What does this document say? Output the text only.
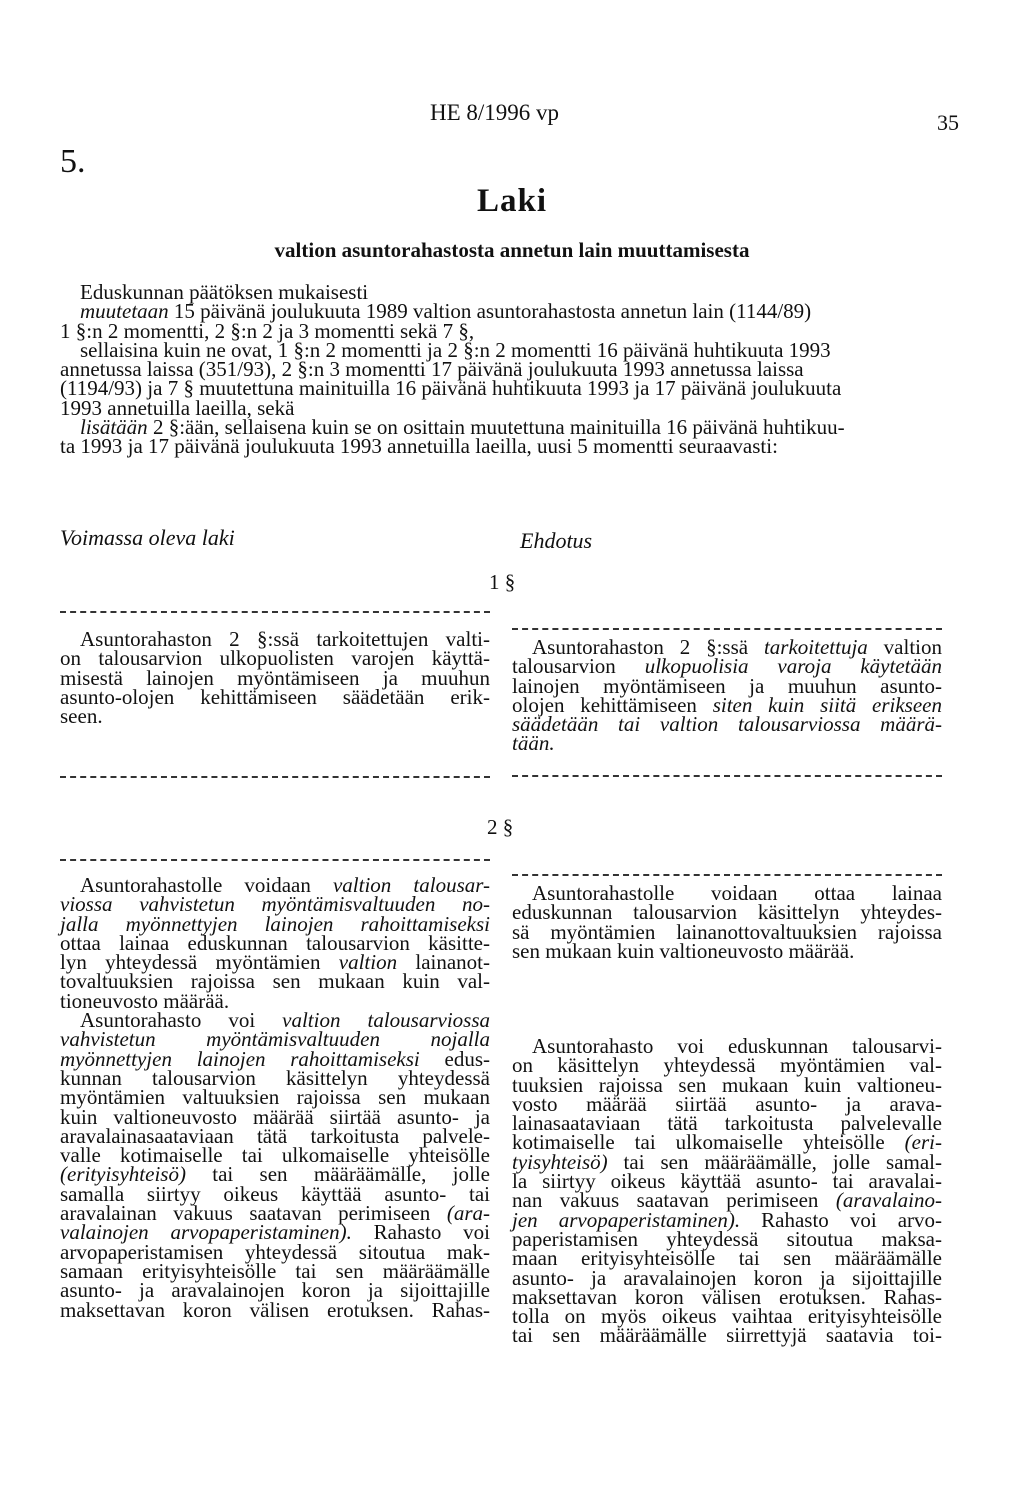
HE 8/1996 vp	35
5.
Laki
valtion asuntorahastosta annetun lain muuttamisesta
Eduskunnan päätöksen mukaisesti
muutetaan 15 päivänä joulukuuta 1989 valtion asuntorahastosta annetun lain (1144/89)
1 §:n 2 momentti, 2 §:n 2 ja 3 momentti sekä 7 §,
sellaisina kuin ne ovat, 1 §:n 2 momentti ja 2 §:n 2 momentti 16 päivänä huhtikuuta 1993
annetussa laissa (351/93), 2 §:n 3 momentti 17 päivänä joulukuuta 1993 annetussa laissa
(1194/93) ja 7 § muutettuna mainituilla 16 päivänä huhtikuuta 1993 ja 17 päivänä joulukuuta
1993 annetuilla laeilla, sekä
lisätään 2 §:ään, sellaisena kuin se on osittain muutettuna mainituilla 16 päivänä huhtikuu-
ta 1993 ja 17 päivänä joulukuuta 1993 annetuilla laeilla, uusi 5 momentti seuraavasti:
Voimassa oleva laki	Ehdotus
1 §
Asuntorahaston 2 §:ssä tarkoitettujen valti-
on talousarvion ulkopuolisten varojen käyttä-
misestä lainojen myöntämiseen ja muuhun
asunto-olojen kehittämiseen säädetään erik-
seen.
Asuntorahaston 2 §:ssä tarkoitettuja valtion
talousarvion ulkopuolisia varoja käytetään
lainojen myöntämiseen ja muuhun asunto-
olojen kehittämiseen siten kuin siitä erikseen
säädetään tai valtion talousarviossa määrä-
tään.
2 §
Asuntorahastolle voidaan valtion talousar-
viossa vahvistetun myöntämisvaltuuden no-
jalla myönnettyjen lainojen rahoittamiseksi
ottaa lainaa eduskunnan talousarvion käsitte-
lyn yhteydessä myöntämien valtion lainanot-
tovaltuuksien rajoissa sen mukaan kuin val-
tioneuvosto määrää.
Asuntorahasto voi valtion talousarviossa
vahvistetun myöntämisvaltuuden nojalla
myönnettyjen lainojen rahoittamiseksi edus-
kunnan talousarvion käsittelyn yhteydessä
myöntämien valtuuksien rajoissa sen mukaan
kuin valtioneuvosto määrää siirtää asunto- ja
aravalainasaataviaan tätä tarkoitusta palvele-
valle kotimaiselle tai ulkomaiselle yhteisölle
(erityisyhteisö) tai sen määräämälle, jolle
samalla siirtyy oikeus käyttää asunto- tai
aravalainan vakuus saatavan perimiseen (ara-
valainojen arvopaperistaminen). Rahasto voi
arvopaperistamisen yhteydessä sitoutua mak-
samaan erityisyhteisölle tai sen määräämälle
asunto- ja aravalainojen koron ja sijoittajille
maksettavan koron välisen erotuksen. Rahas-
Asuntorahastolle voidaan ottaa lainaa
eduskunnan talousarvion käsittelyn yhteydes-
sä myöntämien lainanottovaltuuksien rajoissa
sen mukaan kuin valtioneuvosto määrää.
Asuntorahasto voi eduskunnan talousarvi-
on käsittelyn yhteydessä myöntämien val-
tuuksien rajoissa sen mukaan kuin valtioneu-
vosto määrää siirtää asunto- ja arava-
lainasaataviaan tätä tarkoitusta palvelevalle
kotimaiselle tai ulkomaiselle yhteisölle (eri-
tyisyhteisö) tai sen määräämälle, jolle samal-
la siirtyy oikeus käyttää asunto- tai aravalai-
nan vakuus saatavan perimiseen (aravalaino-
jen arvopaperistaminen). Rahasto voi arvo-
paperistamisen yhteydessä sitoutua maksa-
maan erityisyhteisölle tai sen määräämälle
asunto- ja aravalainojen koron ja sijoittajille
maksettavan koron välisen erotuksen. Rahas-
tolla on myös oikeus vaihtaa erityisyhteisölle
tai sen määräämälle siirrettyjä saatavia toi-
